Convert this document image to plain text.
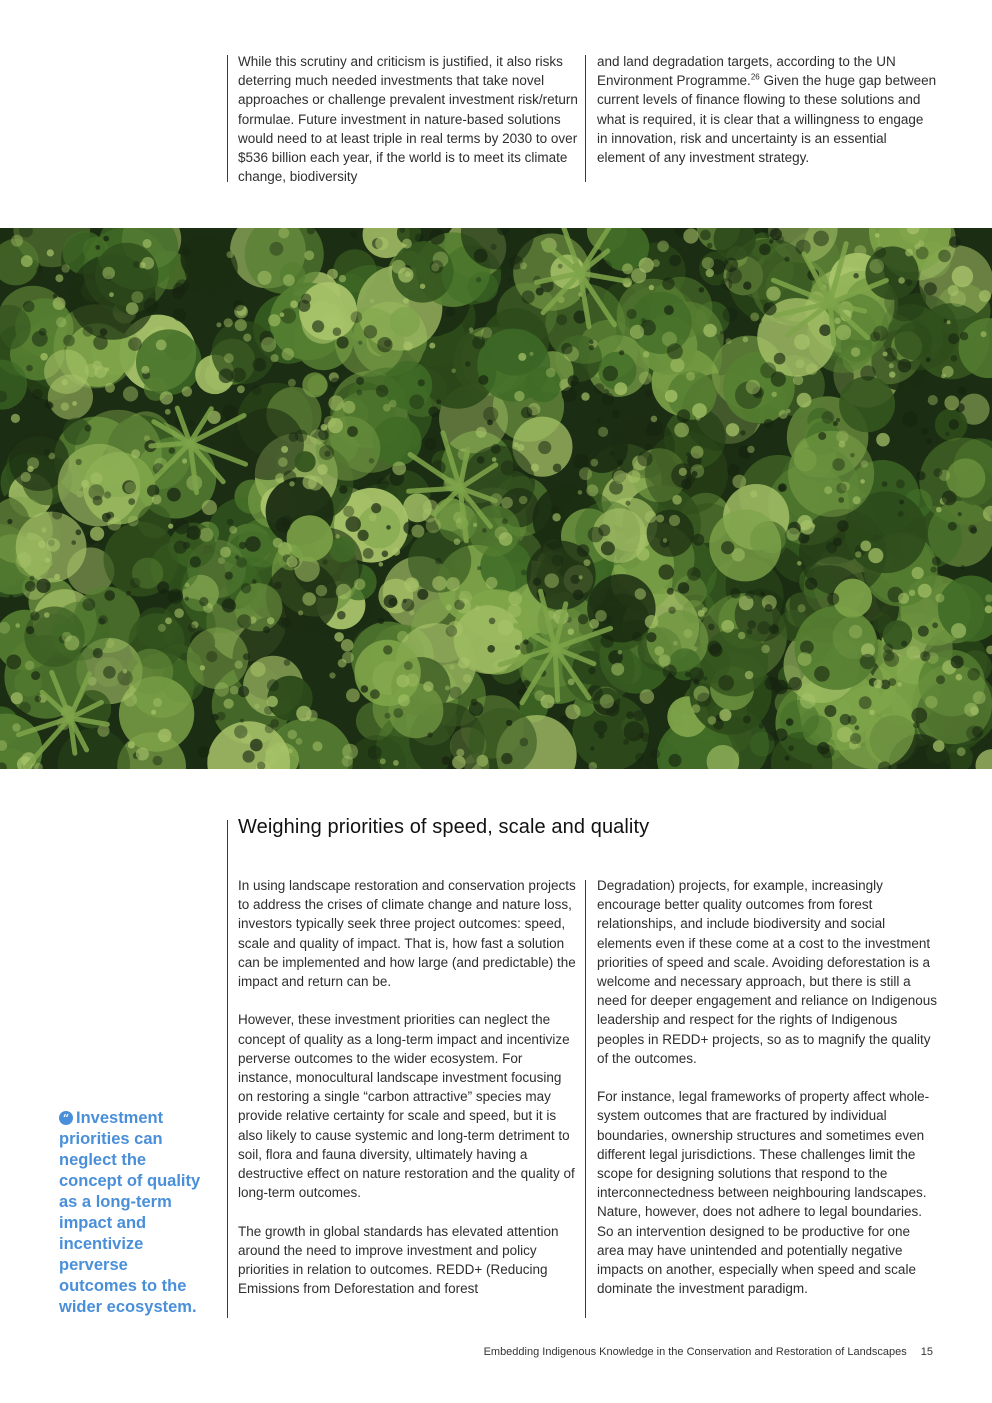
While this scrutiny and criticism is justified, it also risks deterring much needed investments that take novel approaches or challenge prevalent investment risk/return formulae. Future investment in nature-based solutions would need to at least triple in real terms by 2030 to over $536 billion each year, if the world is to meet its climate change, biodiversity

and land degradation targets, according to the UN Environment Programme.$^{26}$ Given the huge gap between current levels of finance flowing to these solutions and what is required, it is clear that a willingness to engage in innovation, risk and uncertainty is an essential element of any investment strategy.

Weighing priorities of speed, scale and quality

In using landscape restoration and conservation projects to address the crises of climate change and nature loss, investors typically seek three project outcomes: speed, scale and quality of impact. That is, how fast a solution can be implemented and how large (and predictable) the impact and return can be.

However, these investment priorities can neglect the concept of quality as a long-term impact and incentivize perverse outcomes to the wider ecosystem. For instance, monocultural landscape investment focusing on restoring a single “carbon attractive” species may provide relative certainty for scale and speed, but it is also likely to cause systemic and long-term detriment to soil, flora and fauna diversity, ultimately having a destructive effect on nature restoration and the quality of long-term outcomes.

The growth in global standards has elevated attention around the need to improve investment and policy priorities in relation to outcomes. REDD+ (Reducing Emissions from Deforestation and forest

Degradation) projects, for example, increasingly encourage better quality outcomes from forest relationships, and include biodiversity and social elements even if these come at a cost to the investment priorities of speed and scale. Avoiding deforestation is a welcome and necessary approach, but there is still a need for deeper engagement and reliance on Indigenous leadership and respect for the rights of Indigenous peoples in REDD+ projects, so as to magnify the quality of the outcomes.

For instance, legal frameworks of property affect whole-system outcomes that are fractured by individual boundaries, ownership structures and sometimes even different legal jurisdictions. These challenges limit the scope for designing solutions that respond to the interconnectedness between neighbouring landscapes. Nature, however, does not adhere to legal boundaries. So an intervention designed to be productive for one area may have unintended and potentially negative impacts on another, especially when speed and scale dominate the investment paradigm.

“ Investment priorities can neglect the concept of quality as a long-term impact and incentivize perverse outcomes to the wider ecosystem.
Embedding Indigenous Knowledge in the Conservation and Restoration of Landscapes 15
